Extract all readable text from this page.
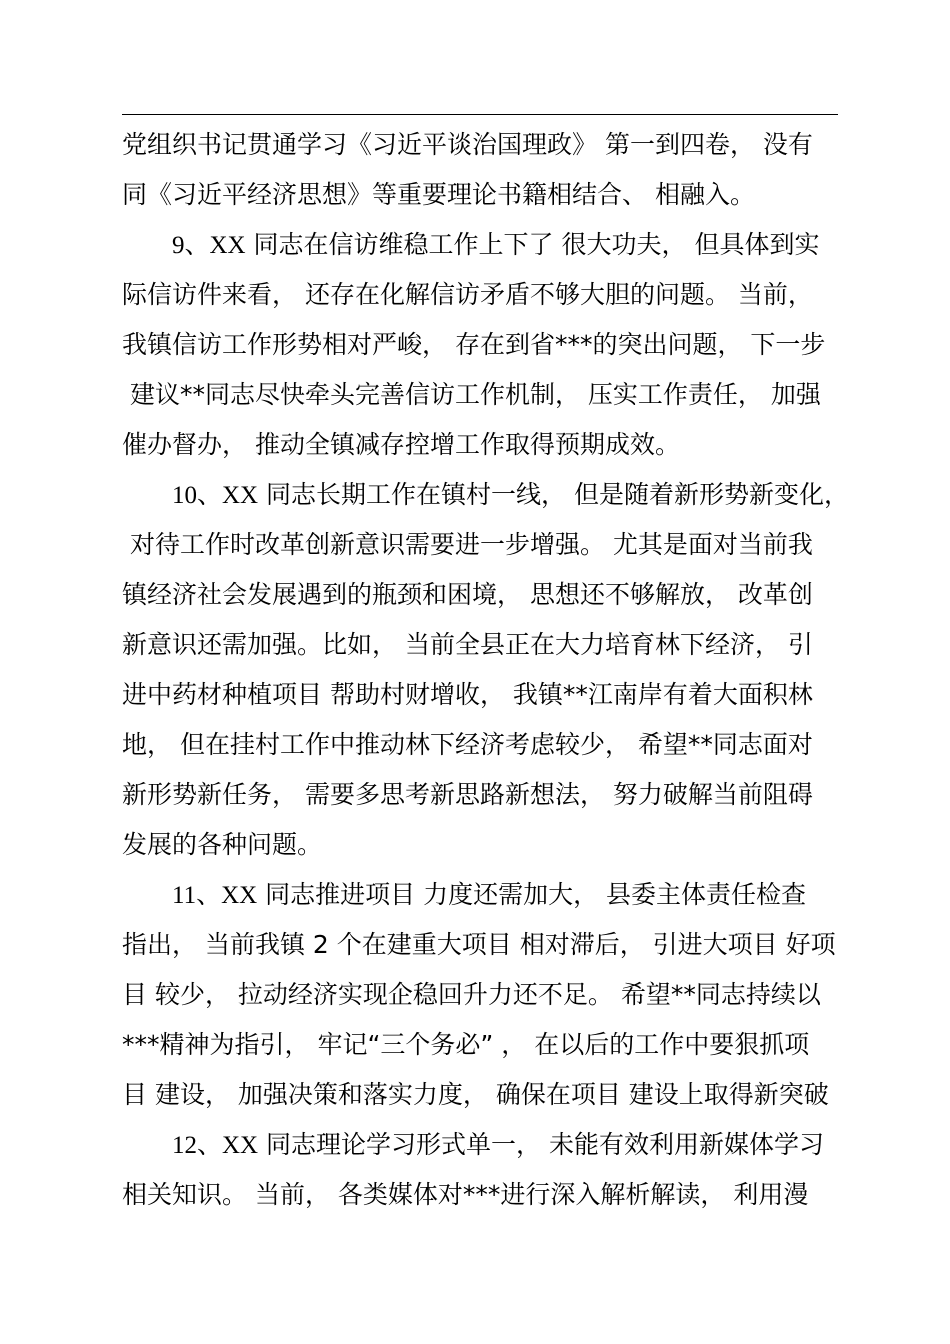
党组织书记贯通学习《习近平谈治国理政》 第一到四卷， 没有
同《习近平经济思想》等重要理论书籍相结合、 相融入。
9、XX 同志在信访维稳工作上下了 很大功夫， 但具体到实
际信访件来看， 还存在化解信访矛盾不够大胆的问题。 当前，
我镇信访工作形势相对严峻， 存在到省***的突出问题， 下一步
建议**同志尽快牵头完善信访工作机制， 压实工作责任， 加强
催办督办， 推动全镇减存控增工作取得预期成效。
10、XX 同志长期工作在镇村一线， 但是随着新形势新变化，
对待工作时改革创新意识需要进一步增强。 尤其是面对当前我
镇经济社会发展遇到的瓶颈和困境， 思想还不够解放， 改革创
新意识还需加强。比如， 当前全县正在大力培育林下经济， 引
进中药材种植项目 帮助村财增收， 我镇**江南岸有着大面积林
地， 但在挂村工作中推动林下经济考虑较少， 希望**同志面对
新形势新任务， 需要多思考新思路新想法， 努力破解当前阻碍
发展的各种问题。
11、XX 同志推进项目 力度还需加大， 县委主体责任检查
指出， 当前我镇 2 个在建重大项目 相对滞后， 引进大项目 好项
目 较少， 拉动经济实现企稳回升力还不足。 希望**同志持续以
***精神为指引， 牢记“三个务必” ， 在以后的工作中要狠抓项
目 建设， 加强决策和落实力度， 确保在项目 建设上取得新突破
12、XX 同志理论学习形式单一， 未能有效利用新媒体学习
相关知识。 当前， 各类媒体对***进行深入解析解读， 利用漫
